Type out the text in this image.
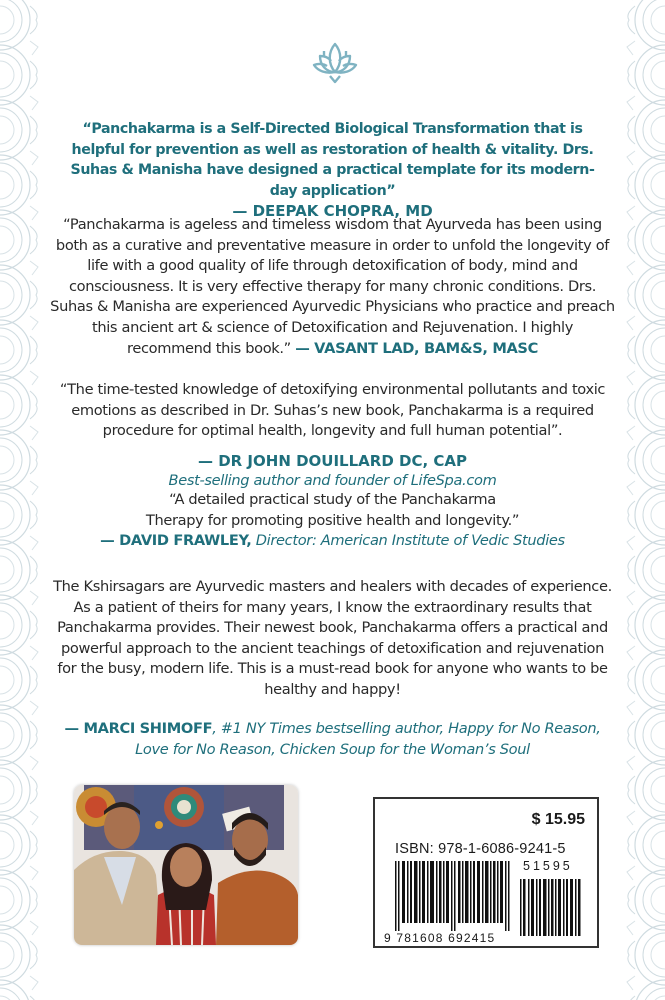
“Panchakarma is a Self-Directed Biological Transformation that is helpful for prevention as well as restoration of health & vitality. Drs. Suhas & Manisha have designed a practical template for its modern-day application”
— DEEPAK CHOPRA, MD
“Panchakarma is ageless and timeless wisdom that Ayurveda has been using both as a curative and preventative measure in order to unfold the longevity of life with a good quality of life through detoxification of body, mind and consciousness. It is very effective therapy for many chronic conditions. Drs. Suhas & Manisha are experienced Ayurvedic Physicians who practice and preach this ancient art & science of Detoxification and Rejuvenation. I highly recommend this book.” — VASANT LAD, BAM&S, MASC
“The time-tested knowledge of detoxifying environmental pollutants and toxic emotions as described in Dr. Suhas’s new book, Panchakarma is a required procedure for optimal health, longevity and full human potential”.
— DR JOHN DOUILLARD DC, CAP
Best-selling author and founder of LifeSpa.com
“A detailed practical study of the Panchakarma Therapy for promoting positive health and longevity.”
— DAVID FRAWLEY, Director: American Institute of Vedic Studies
The Kshirsagars are Ayurvedic masters and healers with decades of experience. As a patient of theirs for many years, I know the extraordinary results that Panchakarma provides. Their newest book, Panchakarma offers a practical and powerful approach to the ancient teachings of detoxification and rejuvenation for the busy, modern life. This is a must-read book for anyone who wants to be healthy and happy!
— MARCI SHIMOFF, #1 NY Times bestselling author, Happy for No Reason, Love for No Reason, Chicken Soup for the Woman’s Soul
$ 15.95
ISBN: 978-1-6086-9241-5
51595
9 781608 692415
